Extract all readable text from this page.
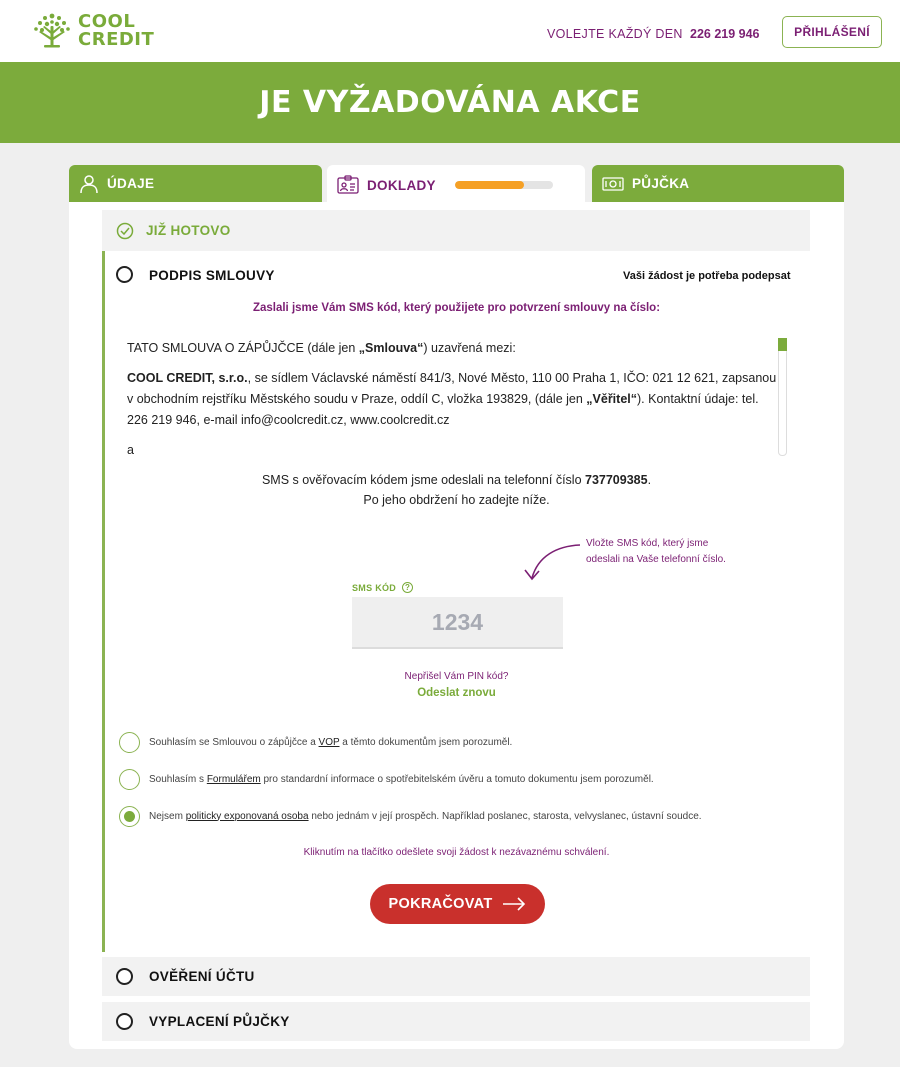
COOL
CREDIT	VOLEJTE KAŽDÝ DEN 226 219 946	PŘIHLÁŠENÍ
JE VYŽADOVÁNA AKCE
ÚDAJE	DOKLADY	PŮJČKA
JIŽ HOTOVO
PODPIS SMLOUVY	Vaši žádost je potřeba podepsat
Zaslali jsme Vám SMS kód, který použijete pro potvrzení smlouvy na číslo:

TATO SMLOUVA O ZÁPŮJČCE (dále jen „Smlouva“) uzavřená mezi:

COOL CREDIT, s.r.o., se sídlem Václavské náměstí 841/3, Nové Město, 110 00 Praha 1, IČO: 021 12 621, zapsanou v obchodním rejstříku Městského soudu v Praze, oddíl C, vložka 193829, (dále jen „Věřitel“). Kontaktní údaje: tel. 226 219 946, e-mail info@coolcredit.cz, www.coolcredit.cz

a

SMS s ověřovacím kódem jsme odeslali na telefonní číslo 737709385.
Po jeho obdržení ho zadejte níže.
Vložte SMS kód, který jsme
odeslali na Vaše telefonní číslo.
SMS KÓD	?
1234
Nepřišel Vám PIN kód?
Odeslat znovu
Souhlasím se Smlouvou o zápůjčce a VOP a těmto dokumentům jsem porozuměl.
Souhlasím s Formulářem pro standardní informace o spotřebitelském úvěru a tomuto dokumentu jsem porozuměl.
Nejsem politicky exponovaná osoba nebo jednám v její prospěch. Například poslanec, starosta, velvyslanec, ústavní soudce.
Kliknutím na tlačítko odešlete svoji žádost k nezávaznému schválení.
POKRAČOVAT
OVĚŘENÍ ÚČTU
VYPLACENÍ PŮJČKY
